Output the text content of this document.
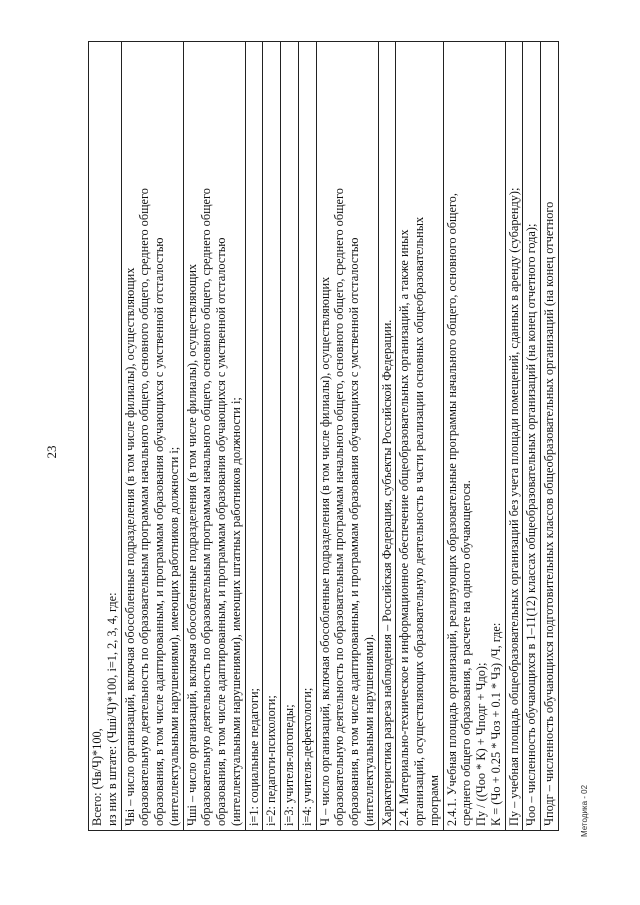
23
Всего: (Чв/Ч)*100, из них в штате: (Чшi/Ч)*100, i=1, 2, 3, 4, где:

Чвi – число организаций, включая обособленные подразделения (в том числе филиалы), осуществляющих образовательную деятельность по образовательным программам начального общего, основного общего, среднего общего образования, в том числе адаптированным, и программам образования обучающихся с умственной отсталостью (интеллектуальными нарушениями), имеющих работников должности i;

Чшi – число организаций, включая обособленные подразделения (в том числе филиалы), осуществляющих образовательную деятельность по образовательным программам начального общего, основного общего, среднего общего образования, в том числе адаптированным, и программам образования обучающихся с умственной отсталостью (интеллектуальными нарушениями), имеющих штатных работников должности i;

i=1: социальные педагоги;

i=2: педагоги-психологи;

i=3: учителя-логопеды;

i=4: учителя-дефектологи;

Ч – число организаций, включая обособленные подразделения (в том числе филиалы), осуществляющих образовательную деятельность по образовательным программам начального общего, основного общего, среднего общего образования, в том числе адаптированным, и программам образования обучающихся с умственной отсталостью (интеллектуальными нарушениями).

Характеристика разреза наблюдения – Российская Федерация, субъекты Российской Федерации.

2.4. Материально-техническое и информационное обеспечение общеобразовательных организаций, а также иных организаций, осуществляющих образовательную деятельность в части реализации основных общеобразовательных программ

2.4.1. Учебная площадь организаций, реализующих образовательные программы начального общего, основного общего, среднего общего образования, в расчете на одного обучающегося. Пу / ((Чоо * К) + Чподг + Чдо); К = (Чо + 0.25 * Чоз + 0.1 * Чз) /Ч, где:

Пу – учебная площадь общеобразовательных организаций без учета площади помещений, сданных в аренду (субаренду);

Чоо – численность обучающихся в 1–11(12) классах общеобразовательных организаций (на конец отчетного года);

Чподг – численность обучающихся подготовительных классов общеобразовательных организаций (на конец отчетного	Методика - 02
